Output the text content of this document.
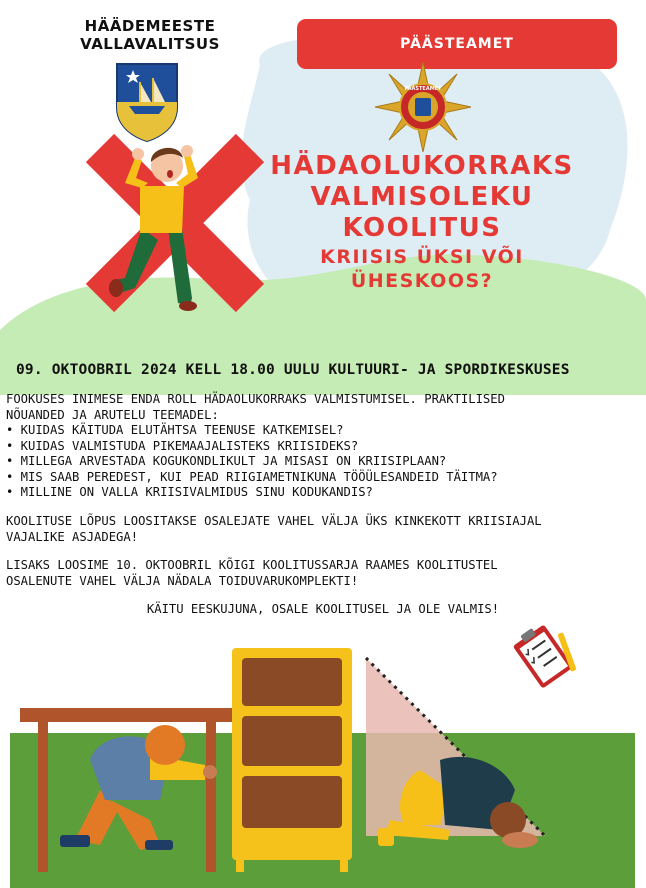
HÄÄDEMEESTE
VALLAVALITSUS	PÄÄSTEAMET
PÄÄSTEAMET
HÄDAOLUKORRAKS
VALMISOLEKU
KOOLITUS
KRIISIS ÜKSI VÕI
ÜHESKOOS?
09. OKTOOBRIL 2024 KELL 18.00 UULU KULTUURI- JA SPORDIKESKUSES
FOOKUSES INIMESE ENDA ROLL HÄDAOLUKORRAKS VALMISTUMISEL. PRAKTILISED
NÕUANDED JA ARUTELU TEEMADEL:
• KUIDAS KÄITUDA ELUTÄHTSA TEENUSE KATKEMISEL?
• KUIDAS VALMISTUDA PIKEMAAJALISTEKS KRIISIDEKS?
• MILLEGA ARVESTADA KOGUKONDLIKULT JA MISASI ON KRIISIPLAAN?
• MIS SAAB PEREDEST, KUI PEAD RIIGIAMETNIKUNA TÖÖÜLESANDEID TÄITMA?
• MILLINE ON VALLA KRIISIVALMIDUS SINU KODUKANDIS?
KOOLITUSE LÕPUS LOOSITAKSE OSALEJATE VAHEL VÄLJA ÜKS KINKEKOTT KRIISIAJAL
VAJALIKE ASJADEGA!
LISAKS LOOSIME 10. OKTOOBRIL KÕIGI KOOLITUSSARJA RAAMES KOOLITUSTEL
OSALENUTE VAHEL VÄLJA NÄDALA TOIDUVARUKOMPLEKTI!
KÄITU EESKUJUNA, OSALE KOOLITUSEL JA OLE VALMIS!
